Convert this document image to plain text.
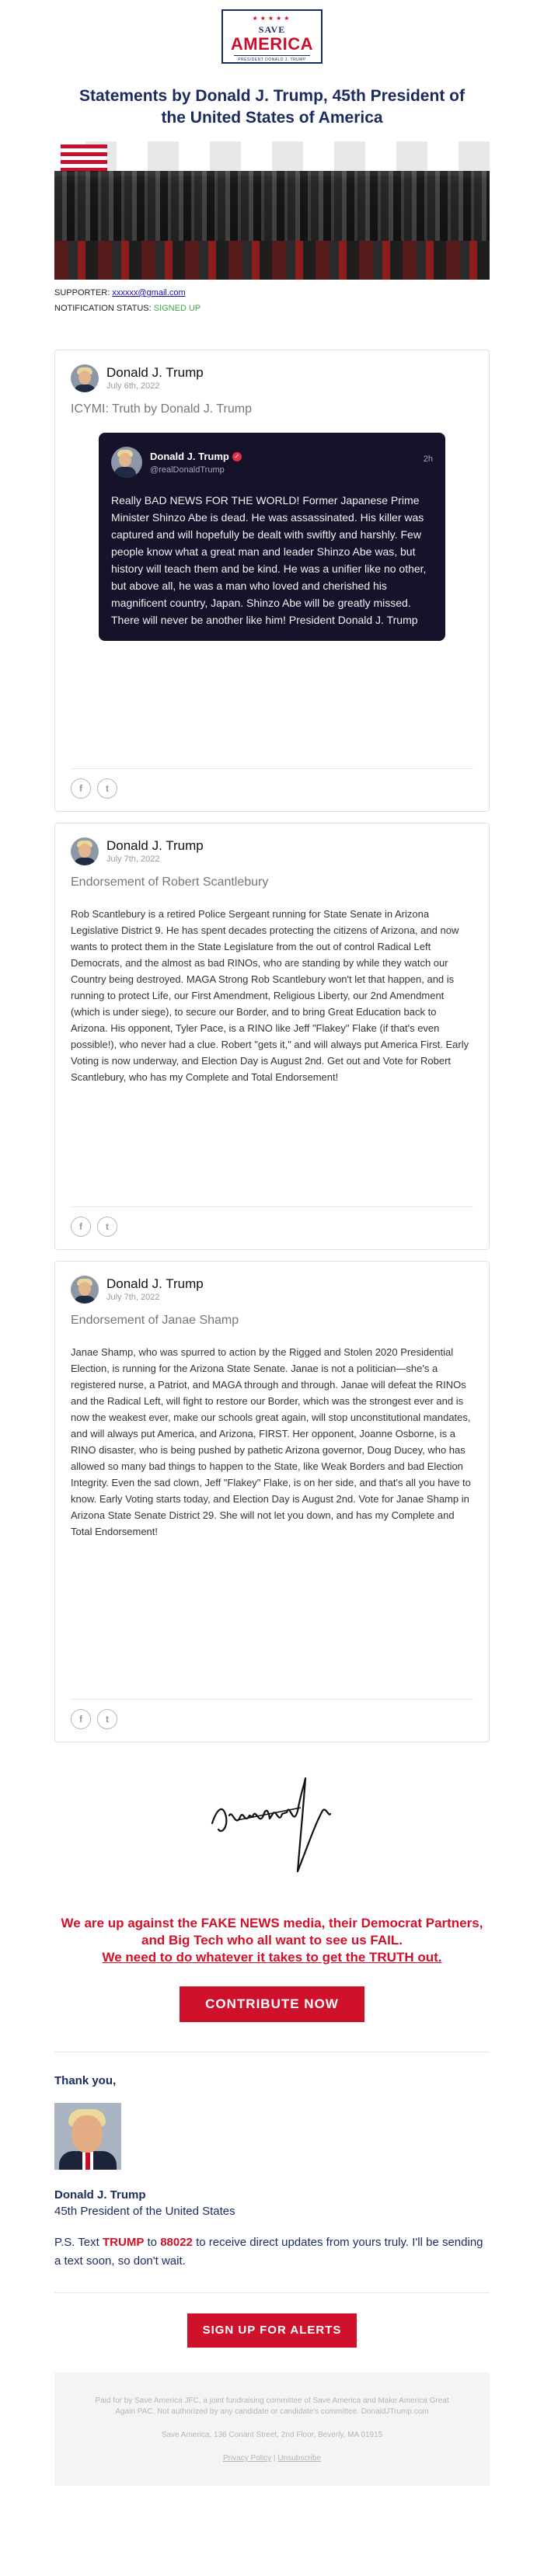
★★★★★
SAVE
AMERICA
PRESIDENT DONALD J. TRUMP
Statements by Donald J. Trump, 45th President of the United States of America
SUPPORTER: xxxxxx@gmail.com
NOTIFICATION STATUS: SIGNED UP
Donald J. Trump
July 6th, 2022
ICYMI: Truth by Donald J. Trump
Donald J. Trump ✓
@realDonaldTrump
2h
Really BAD NEWS FOR THE WORLD! Former Japanese Prime Minister Shinzo Abe is dead. He was assassinated. His killer was captured and will hopefully be dealt with swiftly and harshly. Few people know what a great man and leader Shinzo Abe was, but history will teach them and be kind. He was a unifier like no other, but above all, he was a man who loved and cherished his magnificent country, Japan. Shinzo Abe will be greatly missed. There will never be another like him! President Donald J. Trump
f	t
Donald J. Trump
July 7th, 2022
Endorsement of Robert Scantlebury
Rob Scantlebury is a retired Police Sergeant running for State Senate in Arizona Legislative District 9. He has spent decades protecting the citizens of Arizona, and now wants to protect them in the State Legislature from the out of control Radical Left Democrats, and the almost as bad RINOs, who are standing by while they watch our Country being destroyed. MAGA Strong Rob Scantlebury won't let that happen, and is running to protect Life, our First Amendment, Religious Liberty, our 2nd Amendment (which is under siege), to secure our Border, and to bring Great Education back to Arizona. His opponent, Tyler Pace, is a RINO like Jeff "Flakey" Flake (if that's even possible!), who never had a clue. Robert "gets it," and will always put America First. Early Voting is now underway, and Election Day is August 2nd. Get out and Vote for Robert Scantlebury, who has my Complete and Total Endorsement!
f	t
Donald J. Trump
July 7th, 2022
Endorsement of Janae Shamp
Janae Shamp, who was spurred to action by the Rigged and Stolen 2020 Presidential Election, is running for the Arizona State Senate. Janae is not a politician—she's a registered nurse, a Patriot, and MAGA through and through. Janae will defeat the RINOs and the Radical Left, will fight to restore our Border, which was the strongest ever and is now the weakest ever, make our schools great again, will stop unconstitutional mandates, and will always put America, and Arizona, FIRST. Her opponent, Joanne Osborne, is a RINO disaster, who is being pushed by pathetic Arizona governor, Doug Ducey, who has allowed so many bad things to happen to the State, like Weak Borders and bad Election Integrity. Even the sad clown, Jeff "Flakey" Flake, is on her side, and that's all you have to know. Early Voting starts today, and Election Day is August 2nd. Vote for Janae Shamp in Arizona State Senate District 29. She will not let you down, and has my Complete and Total Endorsement!
f	t
We are up against the FAKE NEWS media, their Democrat Partners, and Big Tech who all want to see us FAIL.
We need to do whatever it takes to get the TRUTH out.
CONTRIBUTE NOW
Thank you,
Donald J. Trump
45th President of the United States
P.S. Text TRUMP to 88022 to receive direct updates from yours truly. I'll be sending a text soon, so don't wait.
SIGN UP FOR ALERTS
Paid for by Save America JFC, a joint fundraising committee of Save America and Make America Great Again PAC. Not authorized by any candidate or candidate's committee. DonaldJTrump.com
Save America, 136 Conant Street, 2nd Floor, Beverly, MA 01915
Privacy Policy | Unsubscribe
